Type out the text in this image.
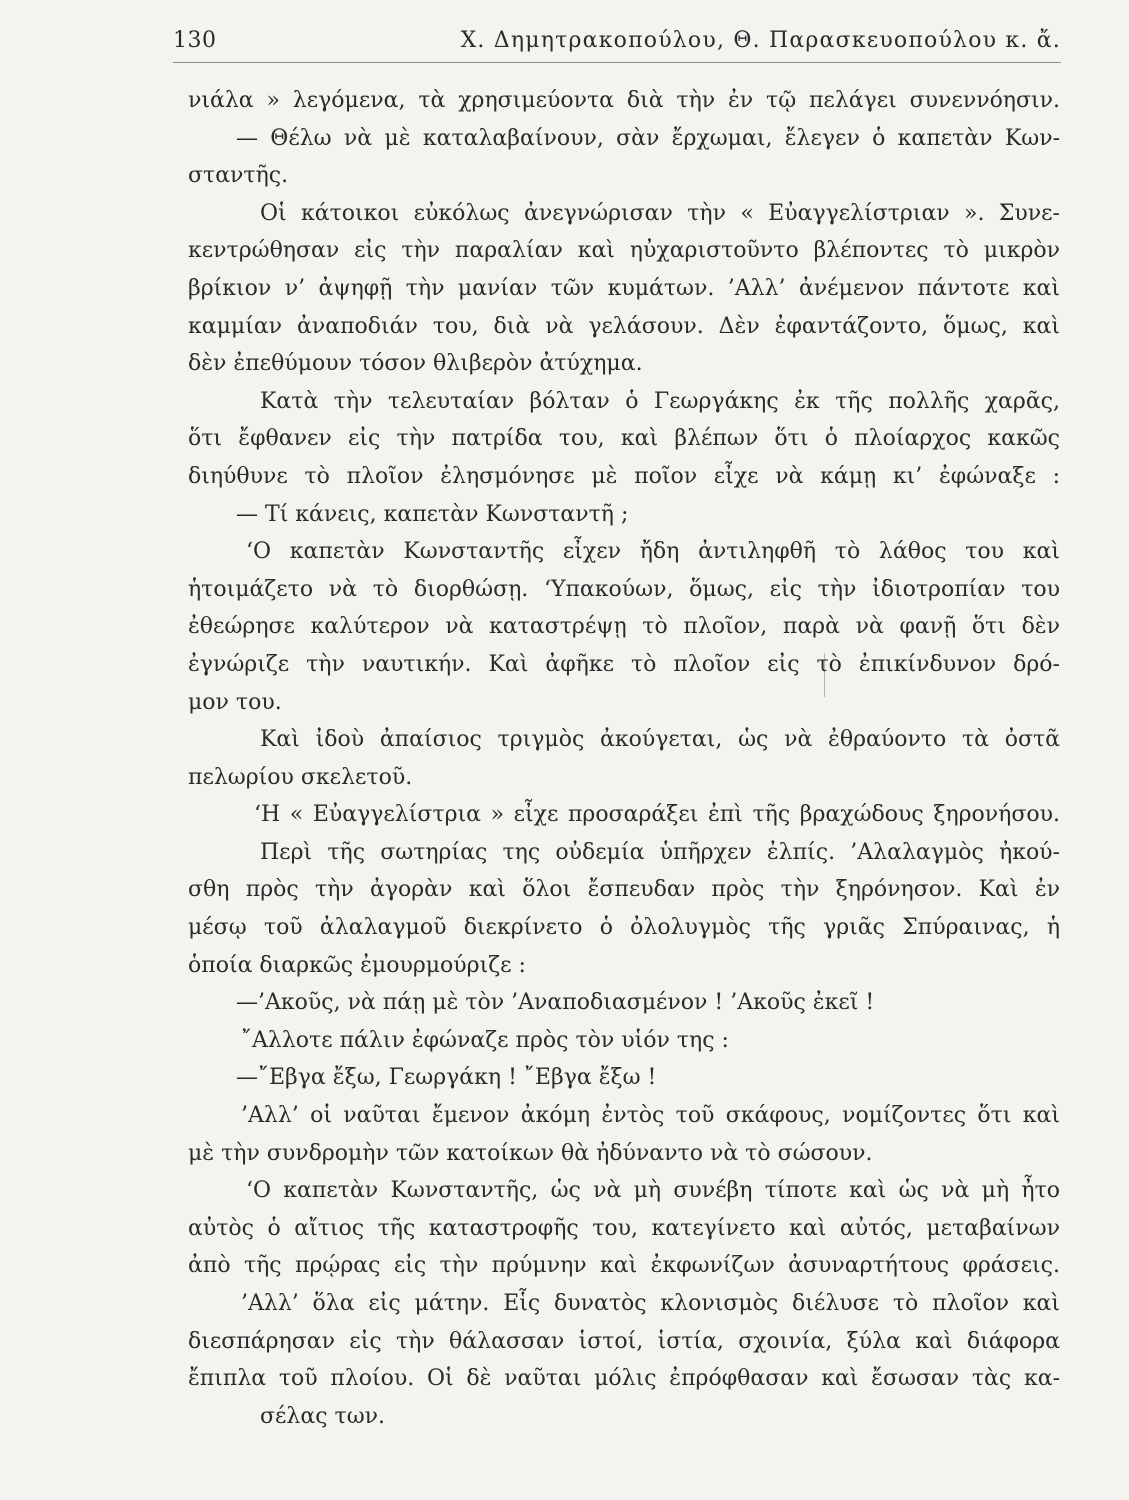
130	Χ. Δημητρακοπούλου, Θ. Παρασκευοπούλου κ. ἄ.
νιάλα » λεγόμενα, τὰ χρησιμεύοντα διὰ τὴν ἐν τῷ πελάγει συνεννόησιν.
— Θέλω νὰ μὲ καταλαβαίνουν, σὰν ἔρχωμαι, ἔλεγεν ὁ καπετὰν Κων-
σταντῆς.
Οἱ κάτοικοι εὐκόλως ἀνεγνώρισαν τὴν « Εὐαγγελίστριαν ». Συνε-
κεντρώθησαν εἰς τὴν παραλίαν καὶ ηὐχαριστοῦντο βλέποντες τὸ μικρὸν
βρίκιον ν’ ἀψηφῇ τὴν μανίαν τῶν κυμάτων. ’Αλλ’ ἀνέμενον πάντοτε καὶ
καμμίαν ἀναποδιάν του, διὰ νὰ γελάσουν. Δὲν ἐφαντάζοντο, ὅμως, καὶ
δὲν ἐπεθύμουν τόσον θλιβερὸν ἀτύχημα.
Κατὰ τὴν τελευταίαν βόλταν ὁ Γεωργάκης ἐκ τῆς πολλῆς χαρᾶς,
ὅτι ἔφθανεν εἰς τὴν πατρίδα του, καὶ βλέπων ὅτι ὁ πλοίαρχος κακῶς
διηύθυνε τὸ πλοῖον ἐλησμόνησε μὲ ποῖον εἶχε νὰ κάμῃ κι’ ἐφώναξε :
— Τί κάνεις, καπετὰν Κωνσταντῆ ;
‘Ο καπετὰν Κωνσταντῆς εἶχεν ἤδη ἀντιληφθῆ τὸ λάθος του καὶ
ἡτοιμάζετο νὰ τὸ διορθώσῃ. ‘Υπακούων, ὅμως, εἰς τὴν ἰδιοτροπίαν του
ἐθεώρησε καλύτερον νὰ καταστρέψῃ τὸ πλοῖον, παρὰ νὰ φανῇ ὅτι δὲν
ἐγνώριζε τὴν ναυτικήν. Καὶ ἀφῆκε τὸ πλοῖον εἰς τὸ ἐπικίνδυνον δρό-
μον του.
Καὶ ἰδοὺ ἀπαίσιος τριγμὸς ἀκούγεται, ὡς νὰ ἐθραύοντο τὰ ὀστᾶ
πελωρίου σκελετοῦ.
‘Η « Εὐαγγελίστρια » εἶχε προσαράξει ἐπὶ τῆς βραχώδους ξηρονήσου.
Περὶ τῆς σωτηρίας της οὐδεμία ὑπῆρχεν ἐλπίς. ’Αλαλαγμὸς ἠκού-
σθη πρὸς τὴν ἀγορὰν καὶ ὅλοι ἔσπευδαν πρὸς τὴν ξηρόνησον. Καὶ ἐν
μέσῳ τοῦ ἀλαλαγμοῦ διεκρίνετο ὁ ὀλολυγμὸς τῆς γριᾶς Σπύραινας, ἡ
ὁποία διαρκῶς ἐμουρμούριζε :
—’Ακοῦς, νὰ πάῃ μὲ τὸν ’Αναποδιασμένον ! ’Ακοῦς ἐκεῖ !
῎Αλλοτε πάλιν ἐφώναζε πρὸς τὸν υἱόν της :
—῎Εβγα ἔξω, Γεωργάκη ! ῎Εβγα ἔξω !
’Αλλ’ οἱ ναῦται ἔμενον ἀκόμη ἐντὸς τοῦ σκάφους, νομίζοντες ὅτι καὶ
μὲ τὴν συνδρομὴν τῶν κατοίκων θὰ ἠδύναντο νὰ τὸ σώσουν.
‘Ο καπετὰν Κωνσταντῆς, ὡς νὰ μὴ συνέβη τίποτε καὶ ὡς νὰ μὴ ἦτο
αὐτὸς ὁ αἴτιος τῆς καταστροφῆς του, κατεγίνετο καὶ αὐτός, μεταβαίνων
ἀπὸ τῆς πρῴρας εἰς τὴν πρύμνην καὶ ἐκφωνίζων ἀσυναρτήτους φράσεις.
’Αλλ’ ὅλα εἰς μάτην. Εἷς δυνατὸς κλονισμὸς διέλυσε τὸ πλοῖον καὶ
διεσπάρησαν εἰς τὴν θάλασσαν ἱστοί, ἱστία, σχοινία, ξύλα καὶ διάφορα
ἔπιπλα τοῦ πλοίου. Οἱ δὲ ναῦται μόλις ἐπρόφθασαν καὶ ἔσωσαν τὰς κα-
σέλας των.
